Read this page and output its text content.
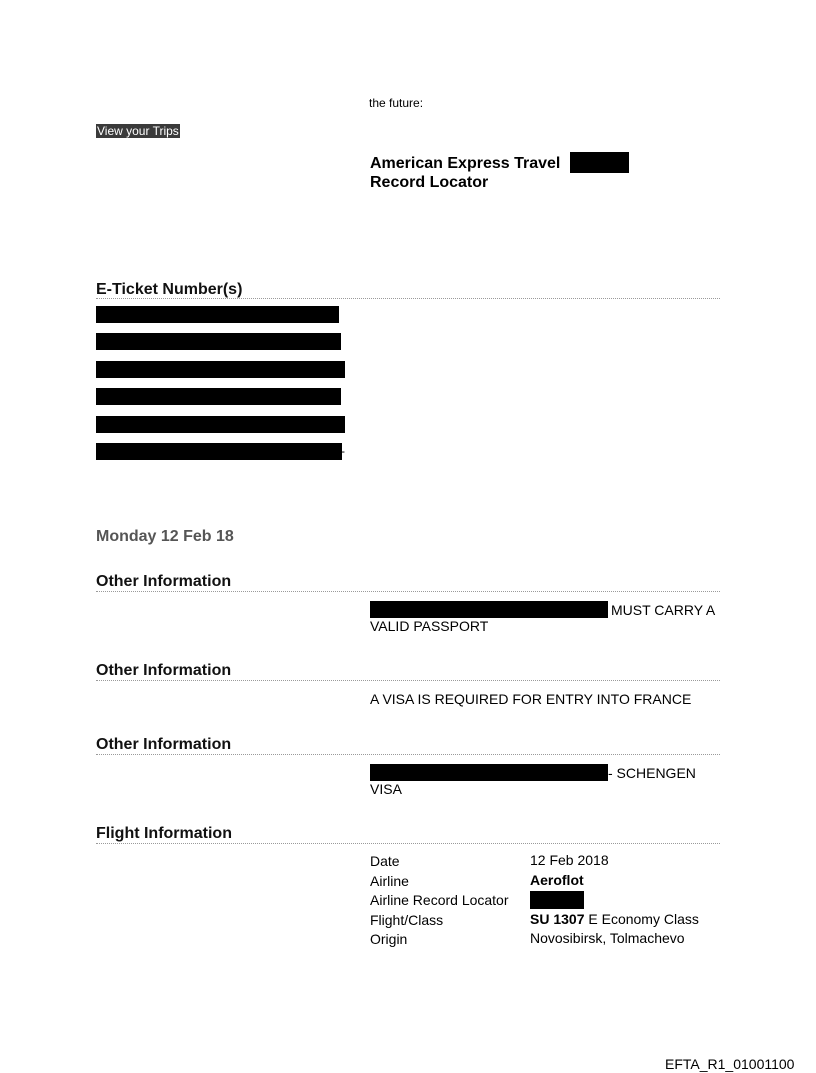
the future:
View your Trips
American Express Travel
Record Locator
E-Ticket Number(s)
-
Monday 12 Feb 18
Other Information
MUST CARRY A
VALID PASSPORT
Other Information
A VISA IS REQUIRED FOR ENTRY INTO FRANCE
Other Information
- SCHENGEN
VISA
Flight Information
Date
Airline
Airline Record Locator
Flight/Class
Origin
12 Feb 2018
Aeroflot
SU 1307 E Economy Class
Novosibirsk, Tolmachevo
EFTA_R1_01001100
